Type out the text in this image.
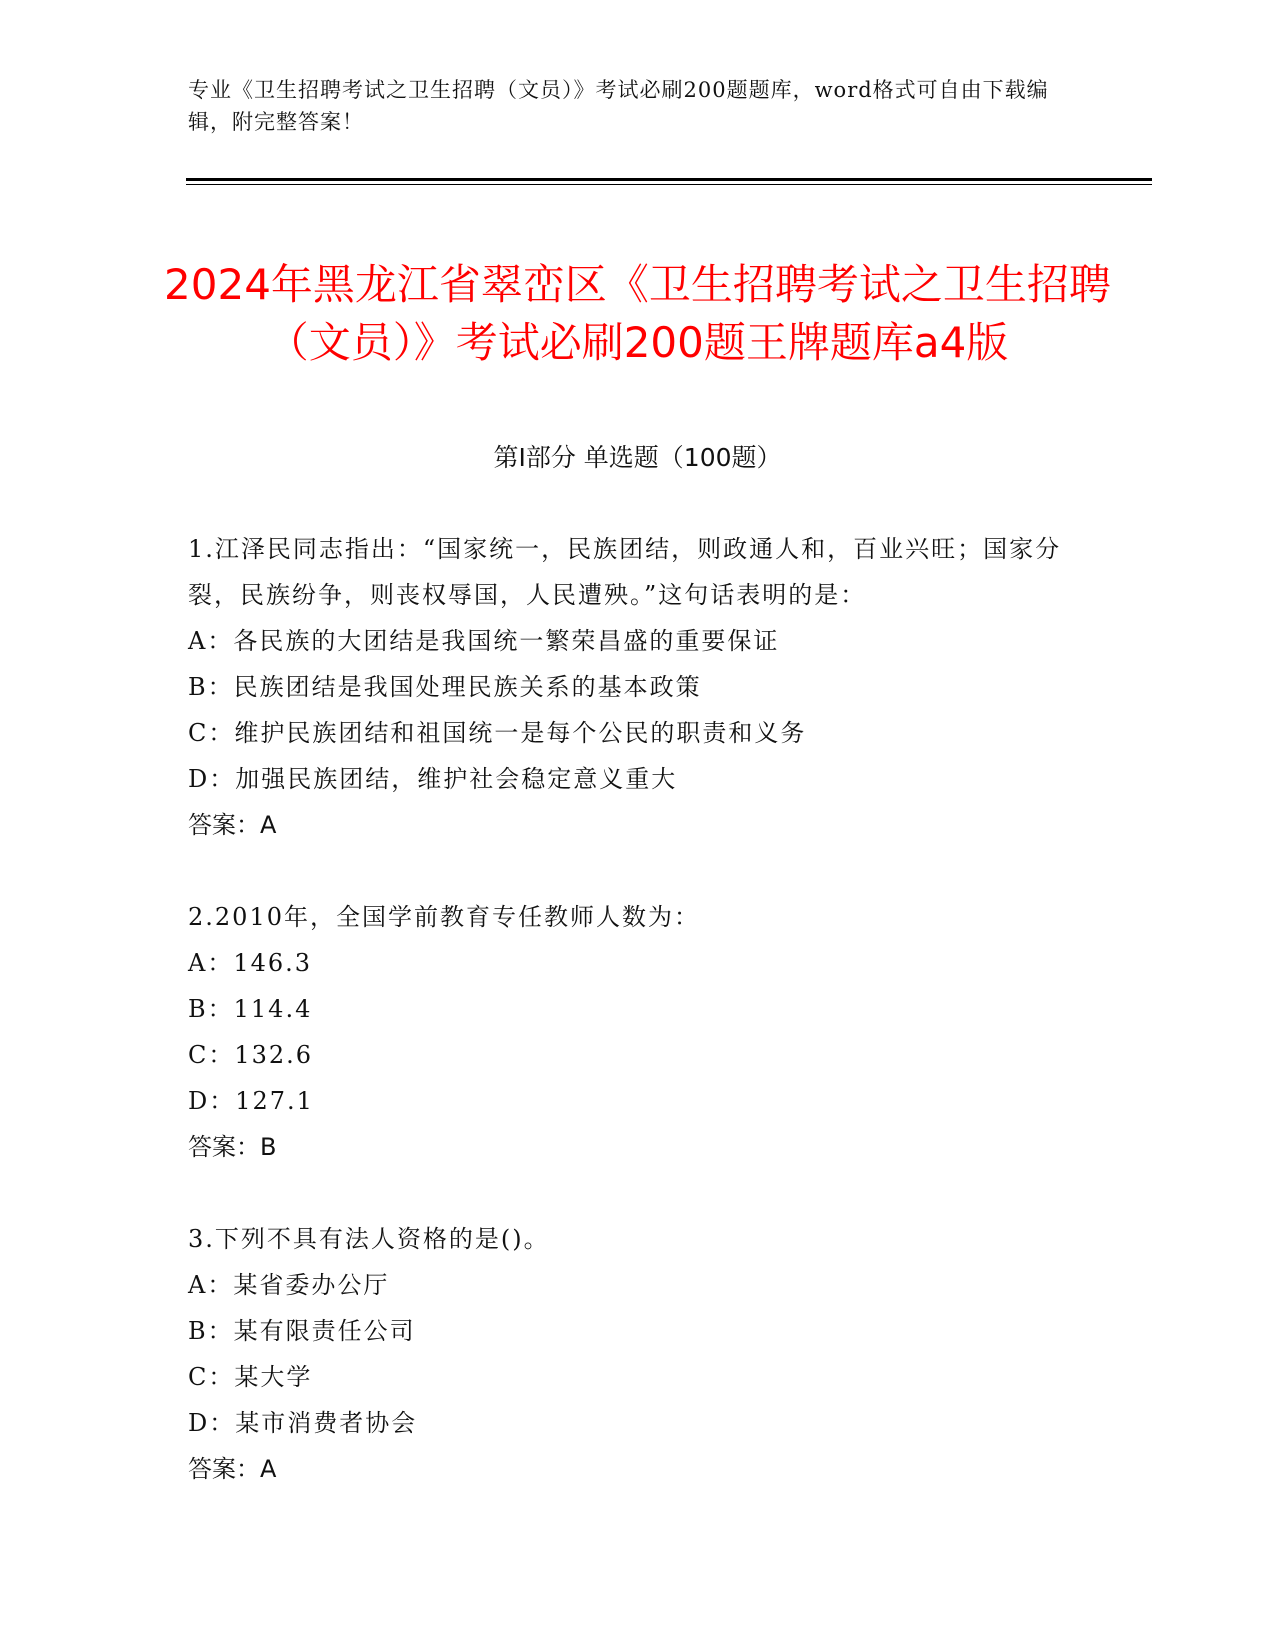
专业《卫生招聘考试之卫生招聘（文员）》考试必刷200题题库，word格式可自由下载编辑，附完整答案！
2024年黑龙江省翠峦区《卫生招聘考试之卫生招聘（文员）》考试必刷200题王牌题库a4版
第I部分 单选题（100题）

1.江泽民同志指出：“国家统一，民族团结，则政通人和，百业兴旺；国家分裂，民族纷争，则丧权辱国，人民遭殃。”这句话表明的是：

A：各民族的大团结是我国统一繁荣昌盛的重要保证

B：民族团结是我国处理民族关系的基本政策

C：维护民族团结和祖国统一是每个公民的职责和义务

D：加强民族团结，维护社会稳定意义重大

答案：A

2.2010年，全国学前教育专任教师人数为：

A：146.3

B：114.4

C：132.6

D：127.1

答案：B

3.下列不具有法人资格的是()。

A：某省委办公厅

B：某有限责任公司

C：某大学

D：某市消费者协会

答案：A
